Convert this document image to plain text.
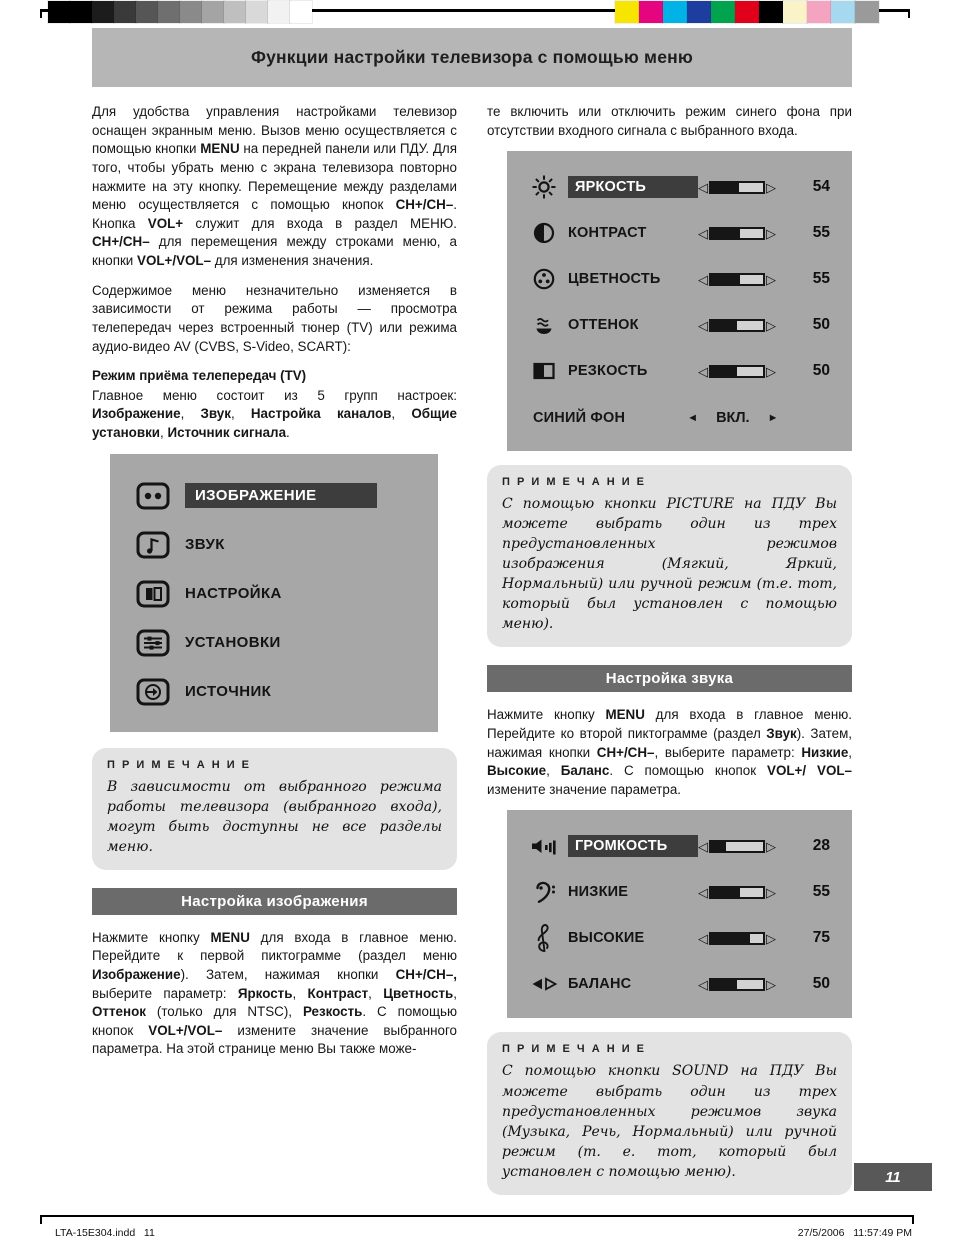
Функции настройки телевизора с помощью меню

Для удобства управления настройками телевизор оснащен экранным меню. Вызов меню осуществляется с помощью кнопки MENU на передней панели или ПДУ. Для того, чтобы убрать меню с экрана телевизора повторно нажмите на эту кнопку. Перемещение между разделами меню осуществляется с помощью кнопок CH+/CH–. Кнопка VOL+ служит для входа в раздел МЕНЮ. CH+/CH– для перемещения между строками меню, а кнопки VOL+/VOL– для изменения значения.

Содержимое меню незначительно изменяется в зависимости от режима работы — просмотра телепередач через встроенный тюнер (TV) или режима аудио-видео AV (CVBS, S-Video, SCART):

Режим приёма телепередач (TV)

Главное меню состоит из 5 групп настроек: Изображение, Звук, Настройка каналов, Общие установки, Источник сигнала.

ИЗОБРАЖЕНИЕ
ЗВУК
НАСТРОЙКА
УСТАНОВКИ
ИСТОЧНИК
П Р И М Е Ч А Н И Е
В зависимости от выбранного режима работы телевизора (выбранного входа), могут быть доступны не все разделы меню.
Настройка изображения

Нажмите кнопку MENU для входа в главное меню. Перейдите к первой пиктограмме (раздел меню Изображение). Затем, нажимая кнопки CH+/CH–, выберите параметр: Яркость, Контраст, Цветность, Оттенок (только для NTSC), Резкость. С помощью кнопок VOL+/VOL– измените значение выбранного параметра. На этой странице меню Вы также може-

те включить или отключить режим синего фона при отсутствии входного сигнала с выбранного входа.

ЯРКОСТЬ	◁	▷	54
КОНТРАСТ	◁	▷	55
ЦВЕТНОСТЬ	◁	▷	55
ОТТЕНОК	◁	▷	50
РЕЗКОСТЬ	◁	▷	50
СИНИЙ ФОН	◄ ВКЛ. ►
П Р И М Е Ч А Н И Е
С помощью кнопки PICTURE на ПДУ Вы можете выбрать один из трех предустановленных режимов изображения (Мягкий, Яркий, Нормальный) или ручной режим (т.е. тот, который был установлен с помощью меню).
Настройка звука

Нажмите кнопку MENU для входа в главное меню. Перейдите ко второй пиктограмме (раздел Звук). Затем, нажимая кнопки CH+/CH–, выберите параметр: Низкие, Высокие, Баланс. С помощью кнопок VOL+/ VOL– измените значение параметра.

ГРОМКОСТЬ	◁	▷	28
НИЗКИЕ	◁	▷	55
ВЫСОКИЕ	◁	▷	75
БАЛАНС	◁	▷	50
П Р И М Е Ч А Н И Е
С помощью кнопки SOUND на ПДУ Вы можете выбрать один из трех предустановленных режимов звука (Музыка, Речь, Нормальный) или ручной режим (т. е. тот, который был установлен с помощью меню).	11
LTA-15E304.indd   11	27/5/2006   11:57:49 PM
